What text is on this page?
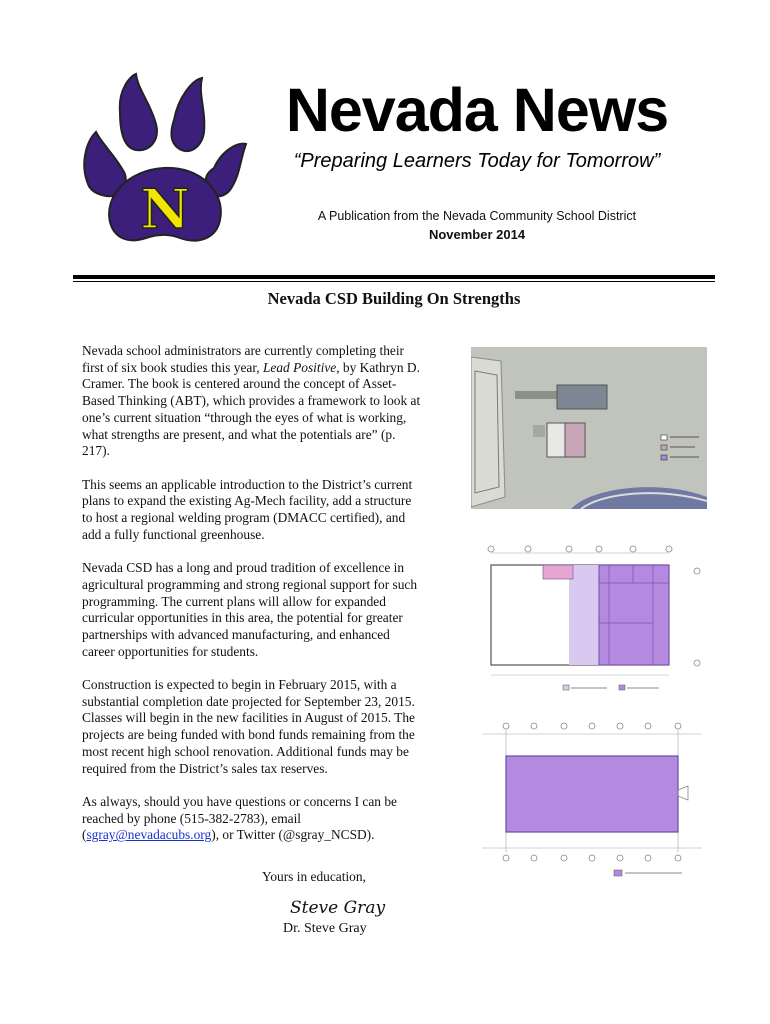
N
Nevada News
“Preparing Learners Today for Tomorrow”
A Publication from the Nevada Community School District
November 2014
Nevada CSD Building On Strengths

Nevada school administrators are currently completing their first of six book studies this year, Lead Positive, by Kathryn D. Cramer. The book is centered around the concept of Asset-Based Thinking (ABT), which provides a framework to look at one’s current situation “through the eyes of what is working, what strengths are present, and what the potentials are” (p. 217).

This seems an applicable introduction to the District’s current plans to expand the existing Ag-Mech facility, add a structure to host a regional welding program (DMACC certified), and add a fully functional greenhouse.

Nevada CSD has a long and proud tradition of excellence in agricultural programming and strong regional support for such programming. The current plans will allow for expanded curricular opportunities in this area, the potential for greater partnerships with advanced manufacturing, and enhanced career opportunities for students.

Construction is expected to begin in February 2015, with a substantial completion date projected for September 23, 2015. Classes will begin in the new facilities in August of 2015. The projects are being funded with bond funds remaining from the most recent high school renovation. Additional funds may be required from the District’s sales tax reserves.

As always, should you have questions or concerns I can be reached by phone (515-382-2783), email (sgray@nevadacubs.org), or Twitter (@sgray_NCSD).

Yours in education,
Steve Gray
Dr. Steve Gray
